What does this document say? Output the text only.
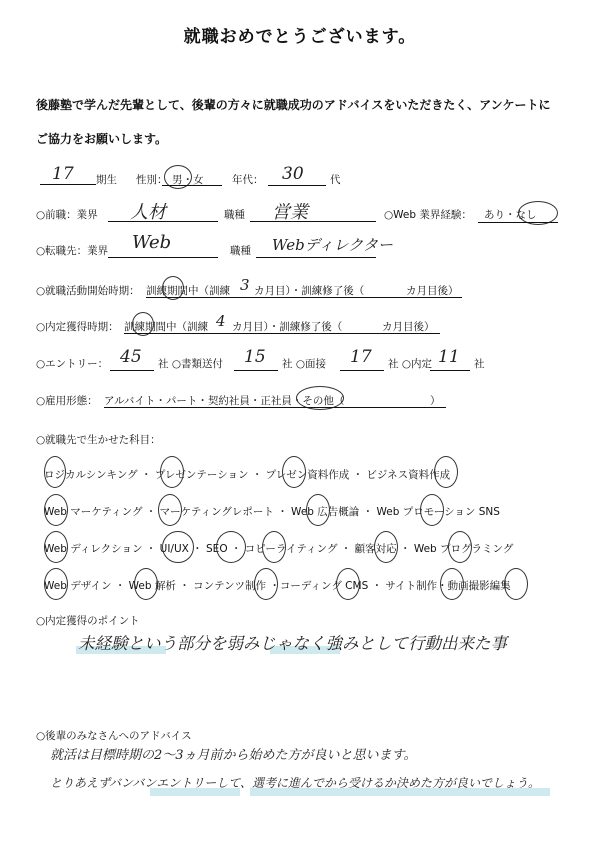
就職おめでとうございます。
後藤塾で学んだ先輩として、後輩の方々に就職成功のアドバイスをいただきたく、アンケートに
ご協力をお願いします。
17 期生 性別： 男・女	年代： 30	代
○前職：業界 人材	職種 営業	○Web 業界経験： あり・なし
○転職先：業界 Web	職種 Webディレクター
○就職活動開始時期： 訓練期間中（訓練 3 カ月目）・訓練修了後（	カ月目後）
○内定獲得時期： 訓練期間中（訓練 4 カ月目）・訓練修了後（	カ月目後）
○エントリー： 45 社 ○書類送付 15 社 ○面接 17 社 ○内定 11 社
○雇用形態： アルバイト・パート・契約社員・正社員・その他（	）
○就職先で生かせた科目：
ロジカルシンキング ・ プレゼンテーション ・ プレゼン資料作成 ・ ビジネス資料作成
Web マーケティング ・ マーケティングレポート ・ Web 広告概論 ・ Web プロモーション SNS
Web ディレクション ・ UI/UX ・ SEO ・ コピーライティング ・ 顧客対応 ・ Web プログラミング
Web デザイン ・ Web 解析 ・ コンテンツ制作 ・コーディング CMS ・ サイト制作・動画撮影編集
○内定獲得のポイント
未経験という部分を弱みじゃなく強みとして行動出来た事
○後輩のみなさんへのアドバイス
就活は目標時期の2〜3ヵ月前から始めた方が良いと思います。
とりあえずバンバンエントリーして、選考に進んでから受けるか決めた方が良いでしょう。
